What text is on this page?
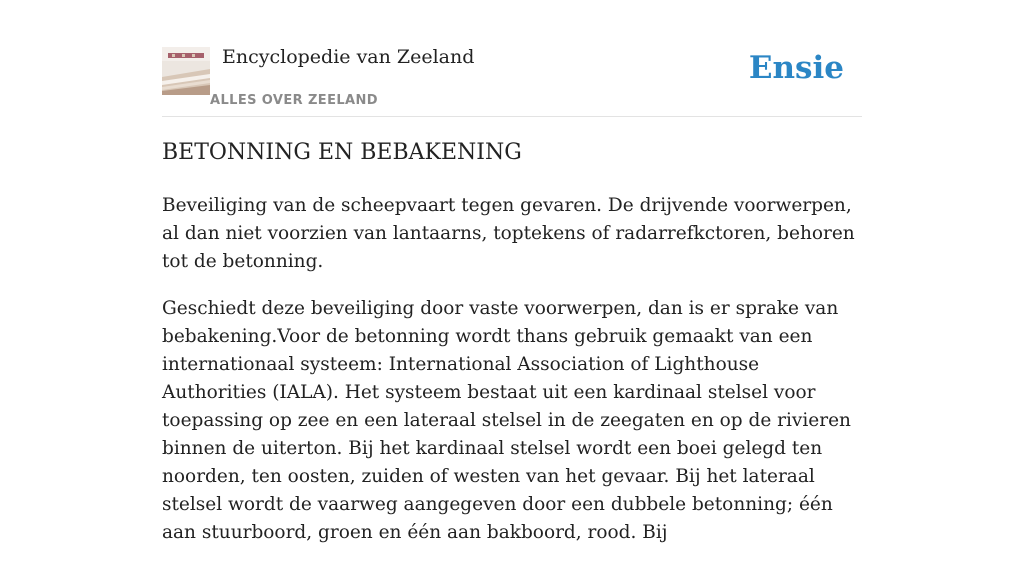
Encyclopedie van Zeeland
ALLES OVER ZEELAND
Ensie
BETONNING EN BEBAKENING

Beveiliging van de scheepvaart tegen gevaren. De drijvende voorwerpen, al dan niet voorzien van lantaarns, toptekens of radarrefkctoren, behoren tot de betonning.

Geschiedt deze beveiliging door vaste voorwerpen, dan is er sprake van bebakening.Voor de betonning wordt thans gebruik gemaakt van een internationaal systeem: International Association of Lighthouse Authorities (IALA). Het systeem bestaat uit een kardinaal stelsel voor toepassing op zee en een lateraal stelsel in de zeegaten en op de rivieren binnen de uiterton. Bij het kardinaal stelsel wordt een boei gelegd ten noorden, ten oosten, zuiden of westen van het gevaar. Bij het lateraal stelsel wordt de vaarweg aangegeven door een dubbele betonning; één aan stuurboord, groen en één aan bakboord, rood. Bij
